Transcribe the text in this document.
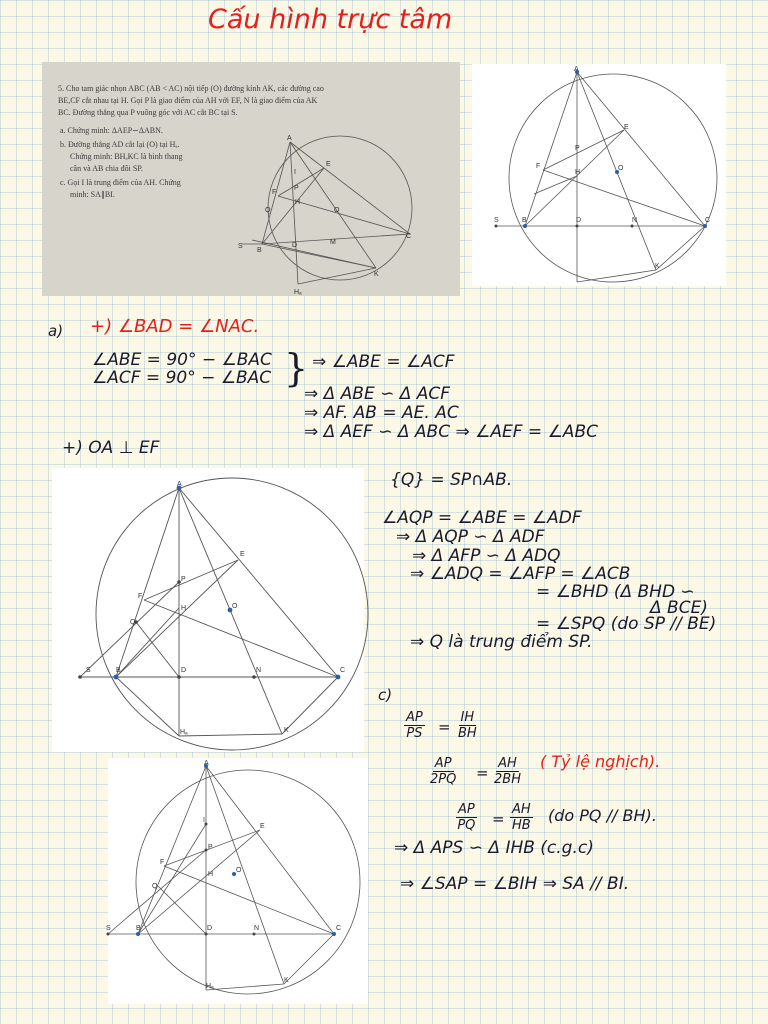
Cấu hình trực tâm
5. Cho tam giác nhọn ABC (AB < AC) nội tiếp (O) đường kính AK, các đường cao
BE,CF cắt nhau tại H. Gọi P là giao điểm của AH với EF, N là giao điểm của AK
BC. Đường thẳng qua P vuông góc với AC cắt BC tại S.
a. Chứng minh: ΔAEP∽ΔABN.
b. Đường thẳng AD cắt lại (O) tại Hₐ.
Chứng minh: BHₐKC là hình thang
cân và AB chia đôi SP.
c. Gọi I là trung điểm của AH. Chứng
minh: SA∥BI.
A
E
F
P
I
Q
H
O
S
B
D	M
C
K
Hₐ
A
E
F
P
H
O
B	D	N	C
K
S
a) +) ∠BAD = ∠NAC.
∠ABE = 90° − ∠BAC
∠ACF = 90° − ∠BAC } ⇒ ∠ABE = ∠ACF
⇒ Δ ABE ∽ Δ ACF
⇒ AF. AB = AE. AC
⇒ Δ AEF ∽ Δ ABC ⇒ ∠AEF = ∠ABC
+) OA ⊥ EF
A
E
F
P
Q
H	O
S	B	D	N	C
Hₐ	K
{Q} = SP∩AB.
∠AQP = ∠ABE = ∠ADF
⇒ Δ AQP ∽ Δ ADF
⇒ Δ AFP ∽ Δ ADQ
⇒ ∠ADQ = ∠AFP = ∠ACB
= ∠BHD (Δ BHD ∽
Δ BCE)
= ∠SPQ (do SP // BE)
⇒ Q là trung điểm SP.
c)
$\frac{AP}{PS} = \frac{IH}{BH}$
$\frac{AP}{2PQ} = \frac{AH}{2BH}$ ( Tỷ lệ nghịch).
$\frac{AP}{PQ} = \frac{AH}{HB} (do$ PQ // BH).
⇒ Δ APS ∽ Δ IHB (c.g.c)
⇒ ∠SAP = ∠BIH ⇒ SA // BI.
A
I
E
F
P
Q
H
O
S	B	D	N	C
Hₐ
K
